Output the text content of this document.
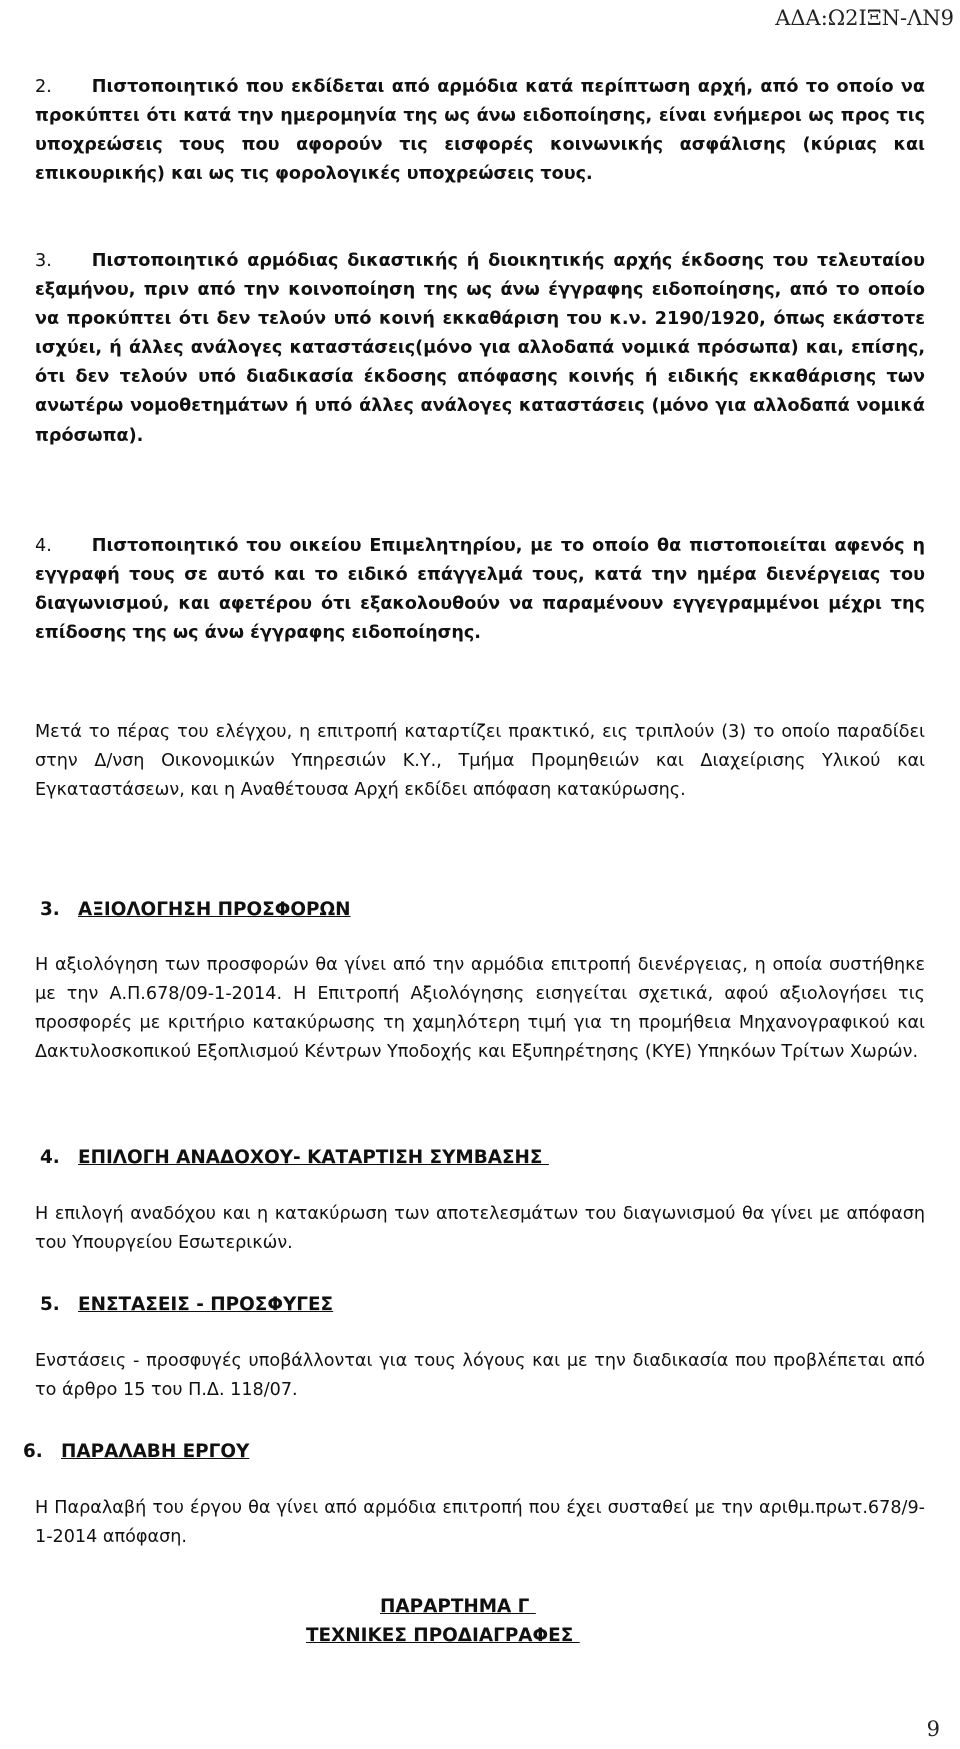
ΑΔΑ:Ω2ΙΞΝ-ΛΝ9
2. Πιστοποιητικό που εκδίδεται από αρμόδια κατά περίπτωση αρχή, από το οποίο να προκύπτει ότι κατά την ημερομηνία της ως άνω ειδοποίησης, είναι ενήμεροι ως προς τις υποχρεώσεις τους που αφορούν τις εισφορές κοινωνικής ασφάλισης (κύριας και επικουρικής) και ως τις φορολογικές υποχρεώσεις τους.
3. Πιστοποιητικό αρμόδιας δικαστικής ή διοικητικής αρχής έκδοσης του τελευταίου εξαμήνου, πριν από την κοινοποίηση της ως άνω έγγραφης ειδοποίησης, από το οποίο να προκύπτει ότι δεν τελούν υπό κοινή εκκαθάριση του κ.ν. 2190/1920, όπως εκάστοτε ισχύει, ή άλλες ανάλογες καταστάσεις(μόνο για αλλοδαπά νομικά πρόσωπα) και, επίσης, ότι δεν τελούν υπό διαδικασία έκδοσης απόφασης κοινής ή ειδικής εκκαθάρισης των ανωτέρω νομοθετημάτων ή υπό άλλες ανάλογες καταστάσεις (μόνο για αλλοδαπά νομικά πρόσωπα).
4. Πιστοποιητικό του οικείου Επιμελητηρίου, με το οποίο θα πιστοποιείται αφενός η εγγραφή τους σε αυτό και το ειδικό επάγγελμά τους, κατά την ημέρα διενέργειας του διαγωνισμού, και αφετέρου ότι εξακολουθούν να παραμένουν εγγεγραμμένοι μέχρι της επίδοσης της ως άνω έγγραφης ειδοποίησης.
Μετά το πέρας του ελέγχου, η επιτροπή καταρτίζει πρακτικό, εις τριπλούν (3) το οποίο παραδίδει στην Δ/νση Οικονομικών Υπηρεσιών Κ.Υ., Τμήμα Προμηθειών και Διαχείρισης Υλικού και Εγκαταστάσεων, και η Αναθέτουσα Αρχή εκδίδει απόφαση κατακύρωσης.
3. ΑΞΙΟΛΟΓΗΣΗ ΠΡΟΣΦΟΡΩΝ
Η αξιολόγηση των προσφορών θα γίνει από την αρμόδια επιτροπή διενέργειας, η οποία συστήθηκε με την Α.Π.678/09-1-2014. Η Επιτροπή Αξιολόγησης εισηγείται σχετικά, αφού αξιολογήσει τις προσφορές με κριτήριο κατακύρωσης τη χαμηλότερη τιμή για τη προμήθεια Μηχανογραφικού και Δακτυλοσκοπικού Εξοπλισμού Κέντρων Υποδοχής και Εξυπηρέτησης (ΚΥΕ) Υπηκόων Τρίτων Χωρών.
4. ΕΠΙΛΟΓΗ ΑΝΑΔΟΧΟΥ- ΚΑΤΑΡΤΙΣΗ ΣΥΜΒΑΣΗΣ
Η επιλογή αναδόχου και η κατακύρωση των αποτελεσμάτων του διαγωνισμού θα γίνει με απόφαση του Υπουργείου Εσωτερικών.
5. ΕΝΣΤΑΣΕΙΣ - ΠΡΟΣΦΥΓΕΣ
Ενστάσεις - προσφυγές υποβάλλονται για τους λόγους και με την διαδικασία που προβλέπεται από το άρθρο 15 του Π.Δ. 118/07.
6. ΠΑΡΑΛΑΒΗ ΕΡΓΟΥ
Η Παραλαβή του έργου θα γίνει από αρμόδια επιτροπή που έχει συσταθεί με την αριθμ.πρωτ.678/9-1-2014 απόφαση.
ΠΑΡΑΡΤΗΜΑ Γ
ΤΕΧΝΙΚΕΣ ΠΡΟΔΙΑΓΡΑΦΕΣ
9
